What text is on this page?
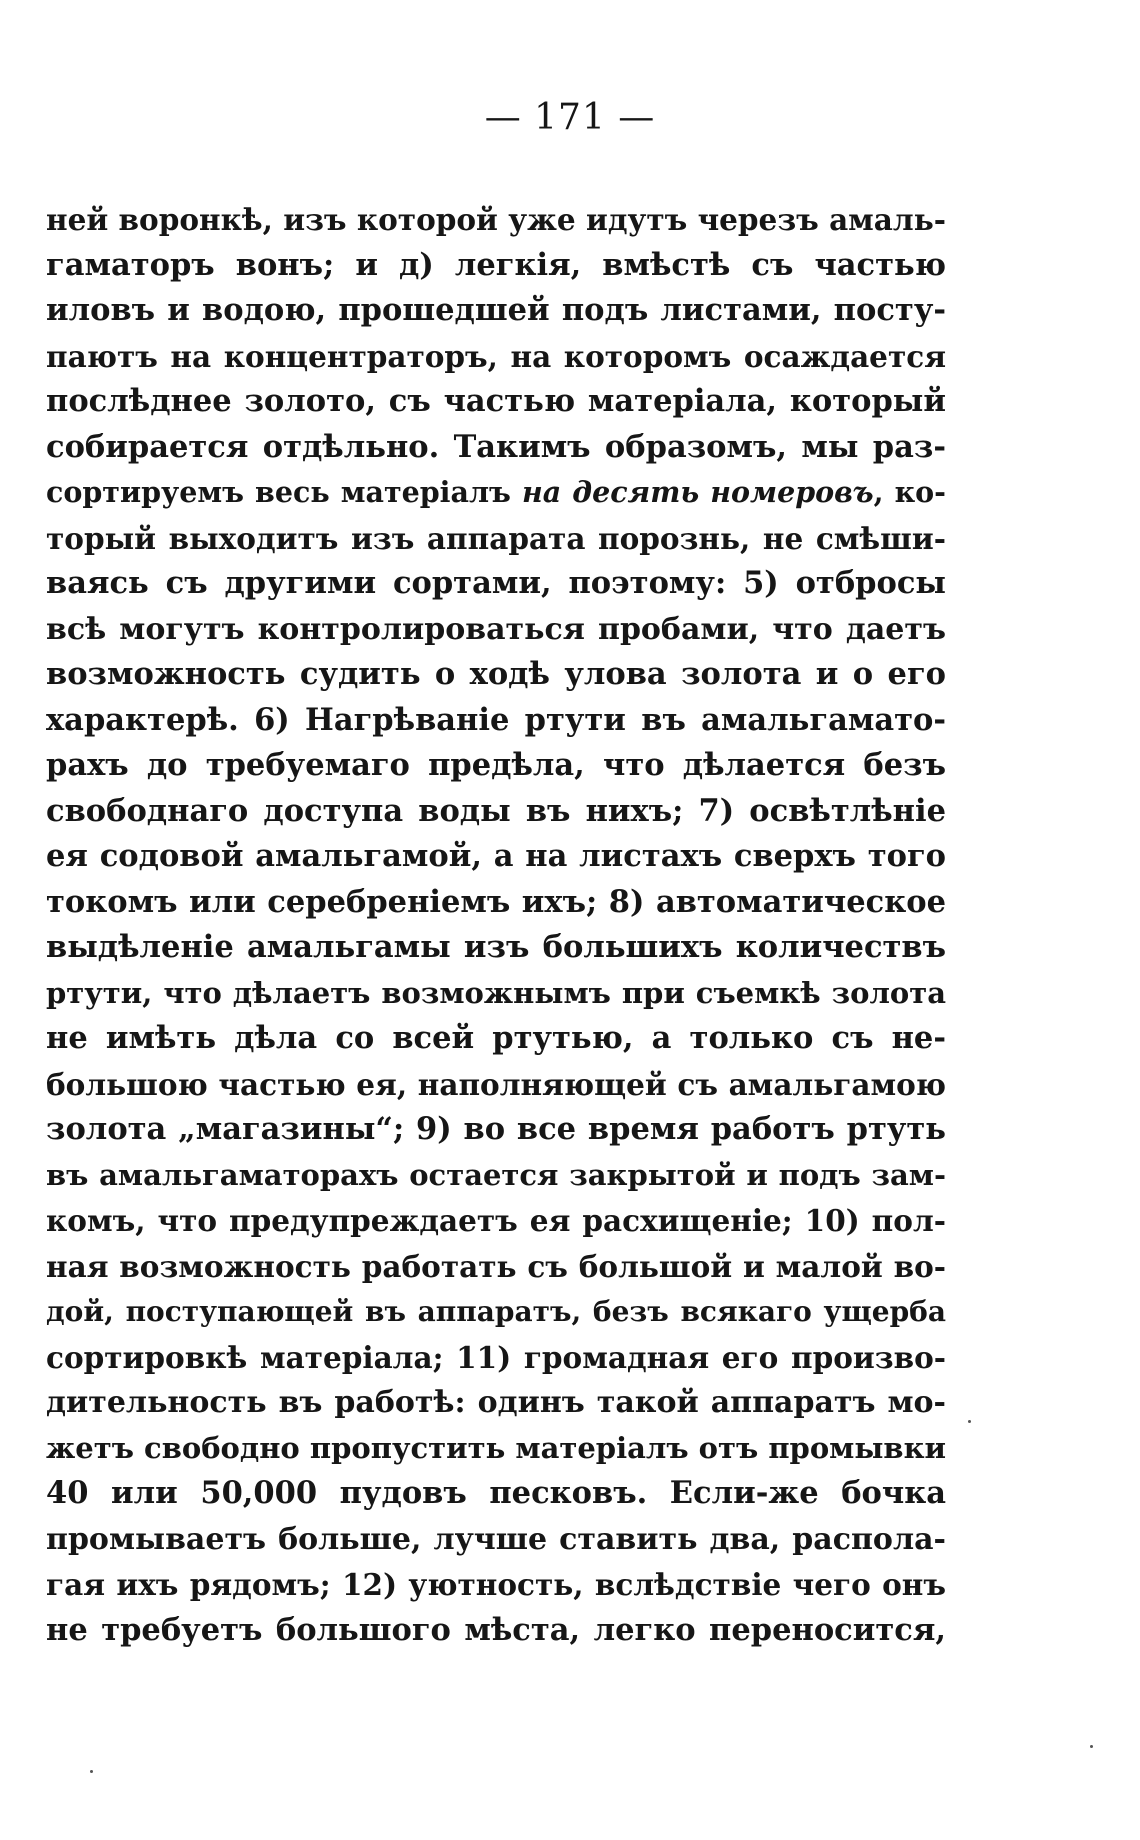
— 171 —
ней воронкѣ, изъ которой уже идутъ черезъ амаль-
гаматоръ вонъ; и д) легкія, вмѣстѣ съ частью
иловъ и водою, прошедшей подъ листами, посту-
паютъ на концентраторъ, на которомъ осаждается
послѣднее золото, съ частью матеріала, который
собирается отдѣльно. Такимъ образомъ, мы раз-
сортируемъ весь матеріалъ на десять номеровъ, ко-
торый выходитъ изъ аппарата порознь, не смѣши-
ваясь съ другими сортами, поэтому: 5) отбросы
всѣ могутъ контролироваться пробами, что даетъ
возможность судить о ходѣ улова золота и о его
характерѣ. 6) Нагрѣваніе ртути въ амальгамато-
рахъ до требуемаго предѣла, что дѣлается безъ
свободнаго доступа воды въ нихъ; 7) освѣтлѣніе
ея содовой амальгамой, а на листахъ сверхъ того
токомъ или серебреніемъ ихъ; 8) автоматическое
выдѣленіе амальгамы изъ большихъ количествъ
ртути, что дѣлаетъ возможнымъ при съемкѣ золота
не имѣть дѣла со всей ртутью, а только съ не-
большою частью ея, наполняющей съ амальгамою
золота „магазины“; 9) во все время работъ ртуть
въ амальгаматорахъ остается закрытой и подъ зам-
комъ, что предупреждаетъ ея расхищеніе; 10) пол-
ная возможность работать съ большой и малой во-
дой, поступающей въ аппаратъ, безъ всякаго ущерба
сортировкѣ матеріала; 11) громадная его произво-
дительность въ работѣ: одинъ такой аппаратъ мо-
жетъ свободно пропустить матеріалъ отъ промывки
40 или 50,000 пудовъ песковъ. Если-же бочка
промываетъ больше, лучше ставить два, распола-
гая ихъ рядомъ; 12) уютность, вслѣдствіе чего онъ
не требуетъ большого мѣста, легко переносится,
